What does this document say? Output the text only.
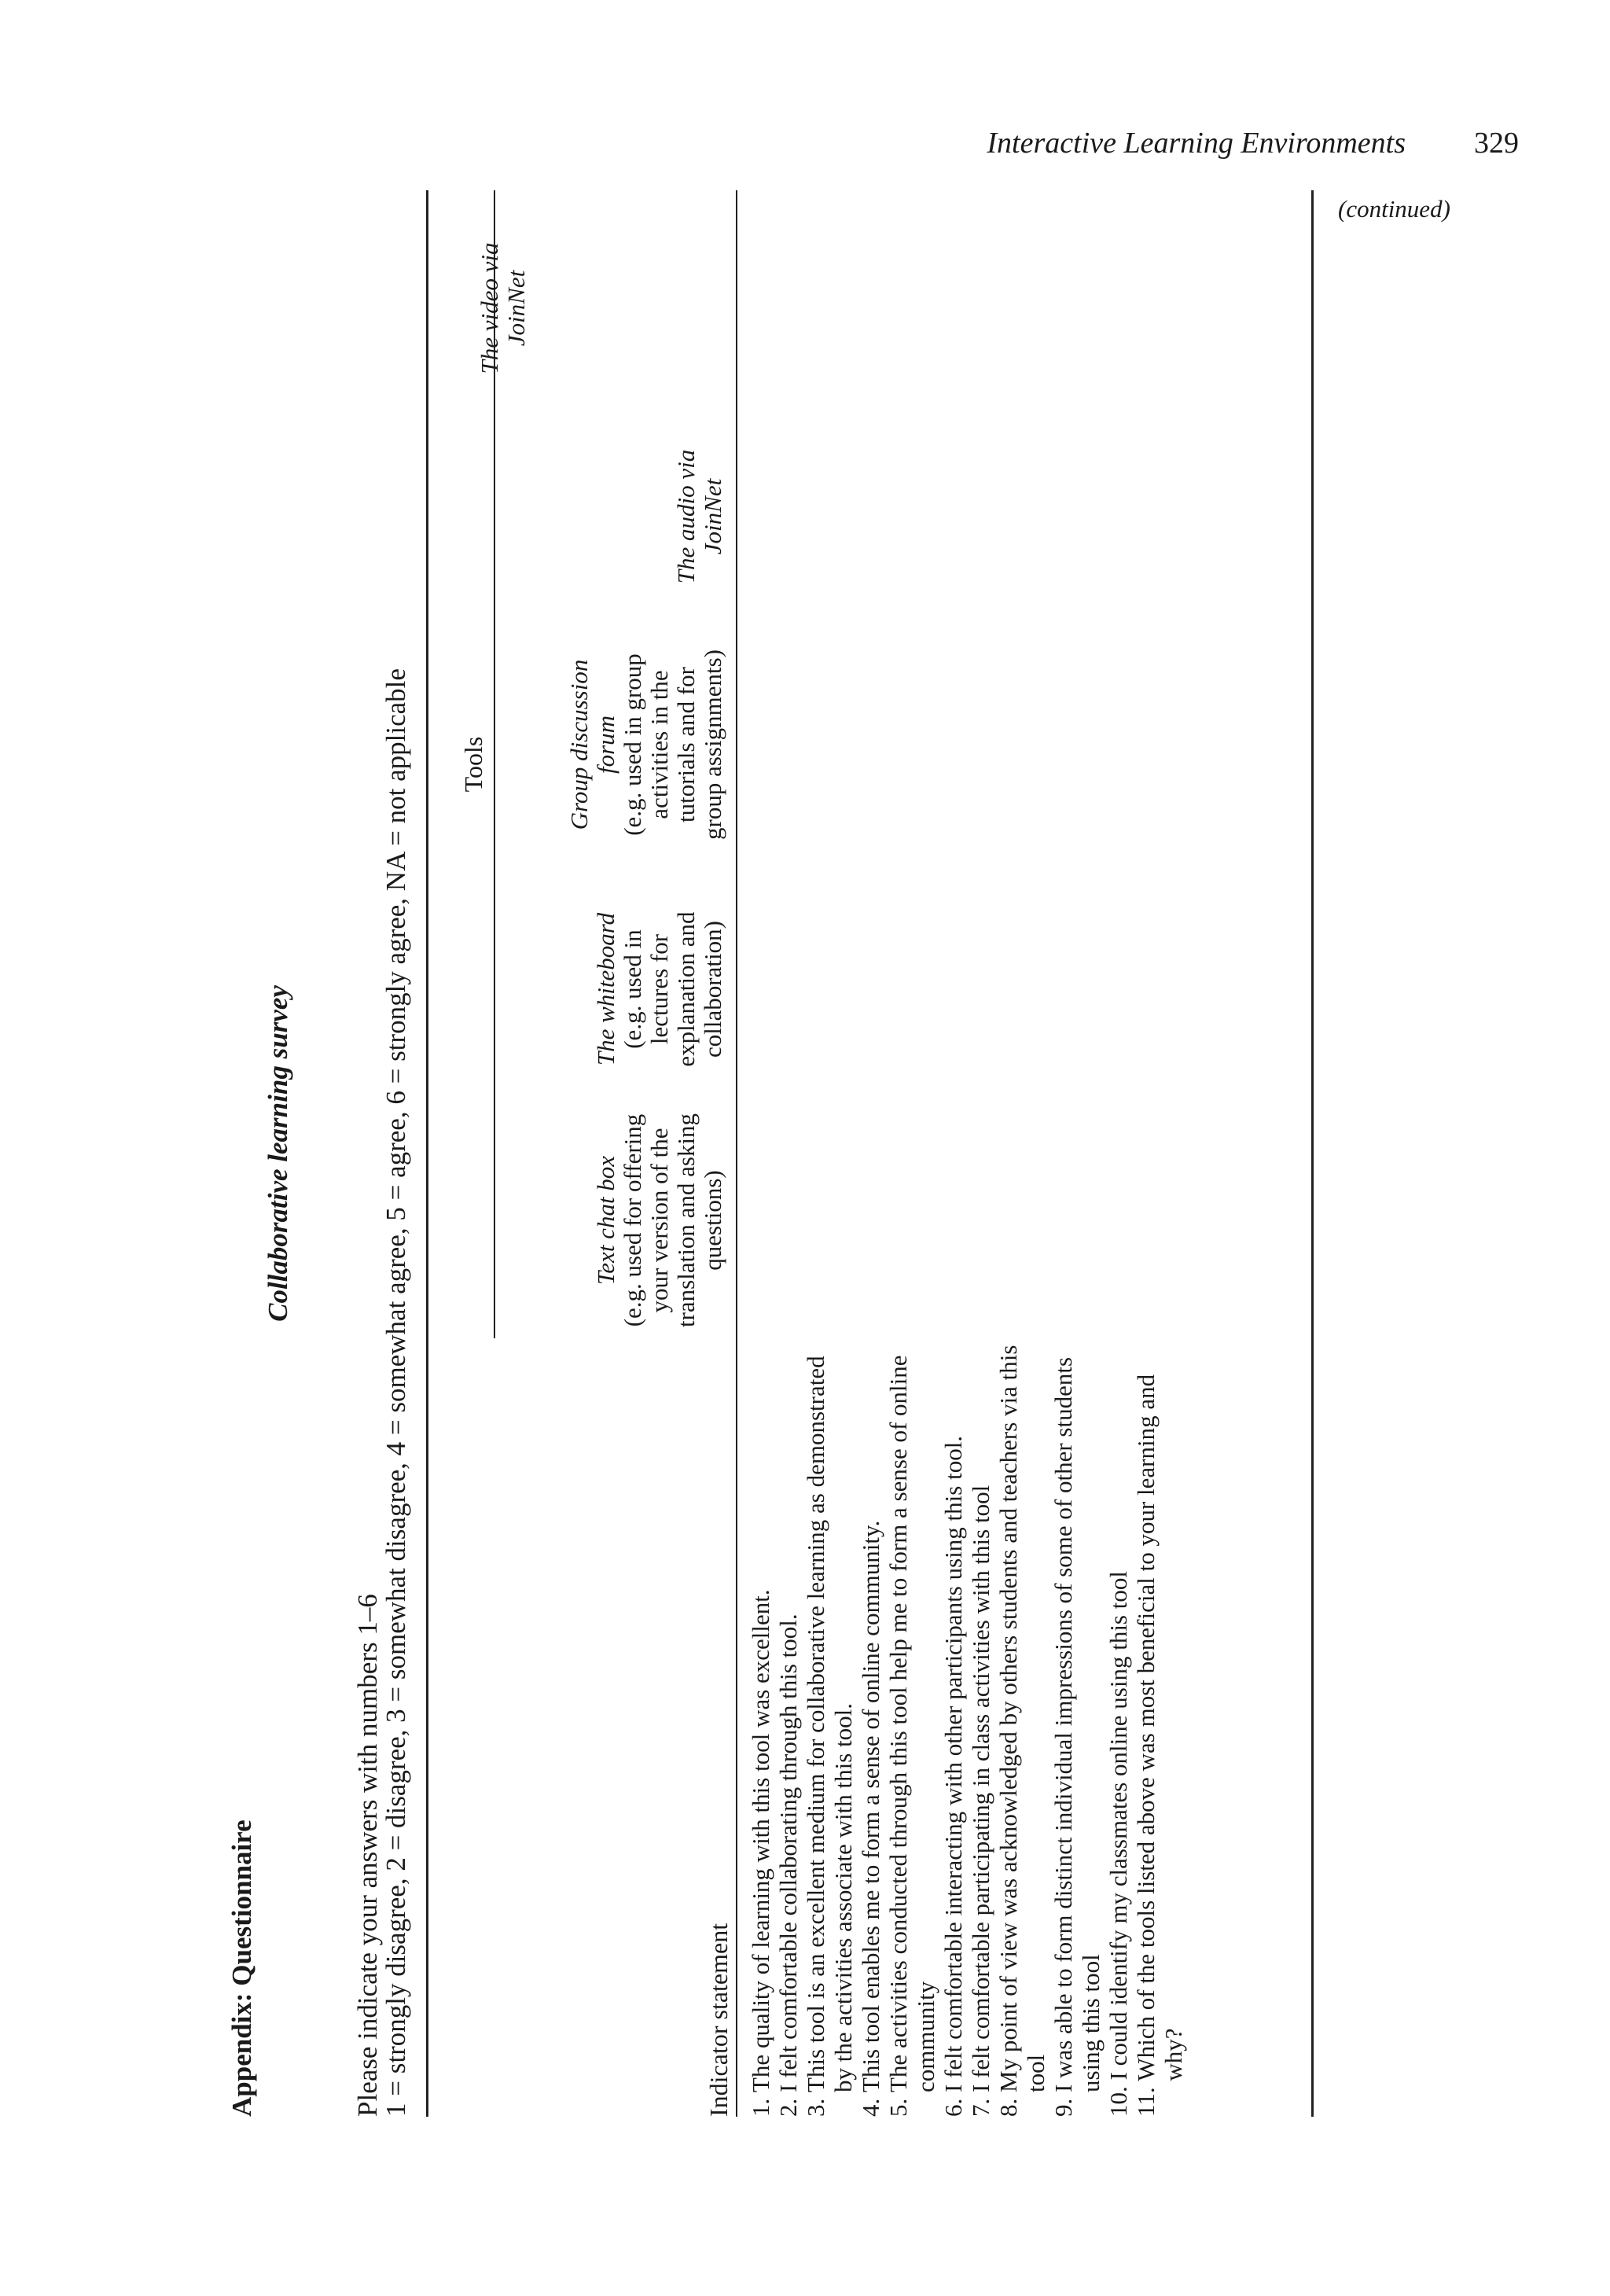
Interactive Learning Environments 329
(continued)
Appendix: Questionnaire
Collaborative learning survey
Please indicate your answers with numbers 1–6
1 = strongly disagree, 2 = disagree, 3 = somewhat disagree, 4 = somewhat agree, 5 = agree, 6 = strongly agree, NA = not applicable Tools
Text chat box (e.g. used for offering your version of the translation and asking questions)
The whiteboard (e.g. used in lectures for explanation and collaboration)
Group discussion forum (e.g. used in group activities in the tutorials and for group assignments)
The audio via JoinNet
The video via JoinNet
Indicator statement 1.
The quality of learning with this tool was excellent.
2.
I felt comfortable collaborating through this tool.
3.
This tool is an excellent medium for collaborative learning as demonstrated by the activities associate with this tool.
4.
This tool enables me to form a sense of online community.
5.
The activities conducted through this tool help me to form a sense of online community
6.
I felt comfortable interacting with other participants using this tool.
7.
I felt comfortable participating in class activities with this tool
8.
My point of view was acknowledged by others students and teachers via this tool
9.
I was able to form distinct individual impressions of some of other students using this tool
10.
I could identify my classmates online using this tool
11.
Which of the tools listed above was most beneficial to your learning and why?
